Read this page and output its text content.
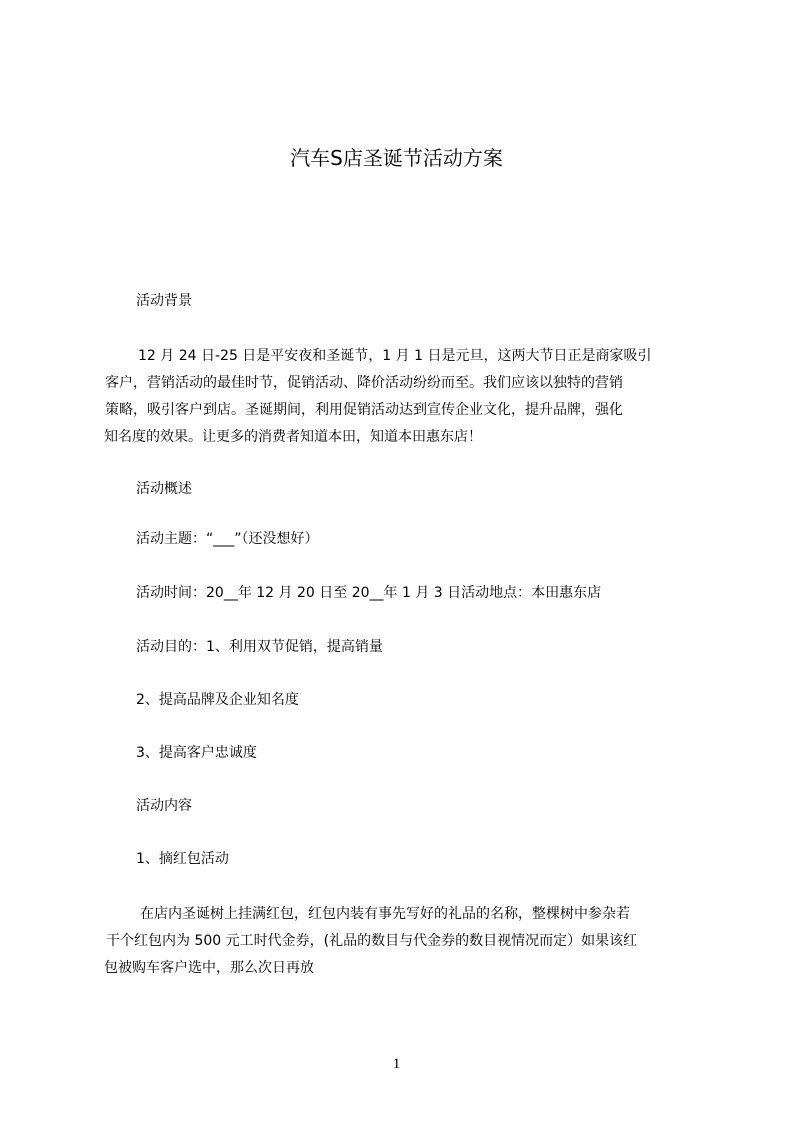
汽车S店圣诞节活动方案
活动背景
12 月 24 日-25 日是平安夜和圣诞节，1 月 1 日是元旦，这两大节日正是商家吸引
客户，营销活动的最佳时节，促销活动、降价活动纷纷而至。我们应该以独特的营销
策略，吸引客户到店。圣诞期间，利用促销活动达到宣传企业文化，提升品牌，强化
知名度的效果。让更多的消费者知道本田，知道本田惠东店！
活动概述
活动主题：“___”（还没想好）
活动时间：20__年 12 月 20 日至 20__年 1 月 3 日活动地点：本田惠东店
活动目的：1、利用双节促销，提高销量
2、提高品牌及企业知名度
3、提高客户忠诚度
活动内容
1、摘红包活动
在店内圣诞树上挂满红包，红包内装有事先写好的礼品的名称，整棵树中参杂若
干个红包内为 500 元工时代金券，(礼品的数目与代金券的数目视情况而定）如果该红
包被购车客户选中，那么次日再放
1
